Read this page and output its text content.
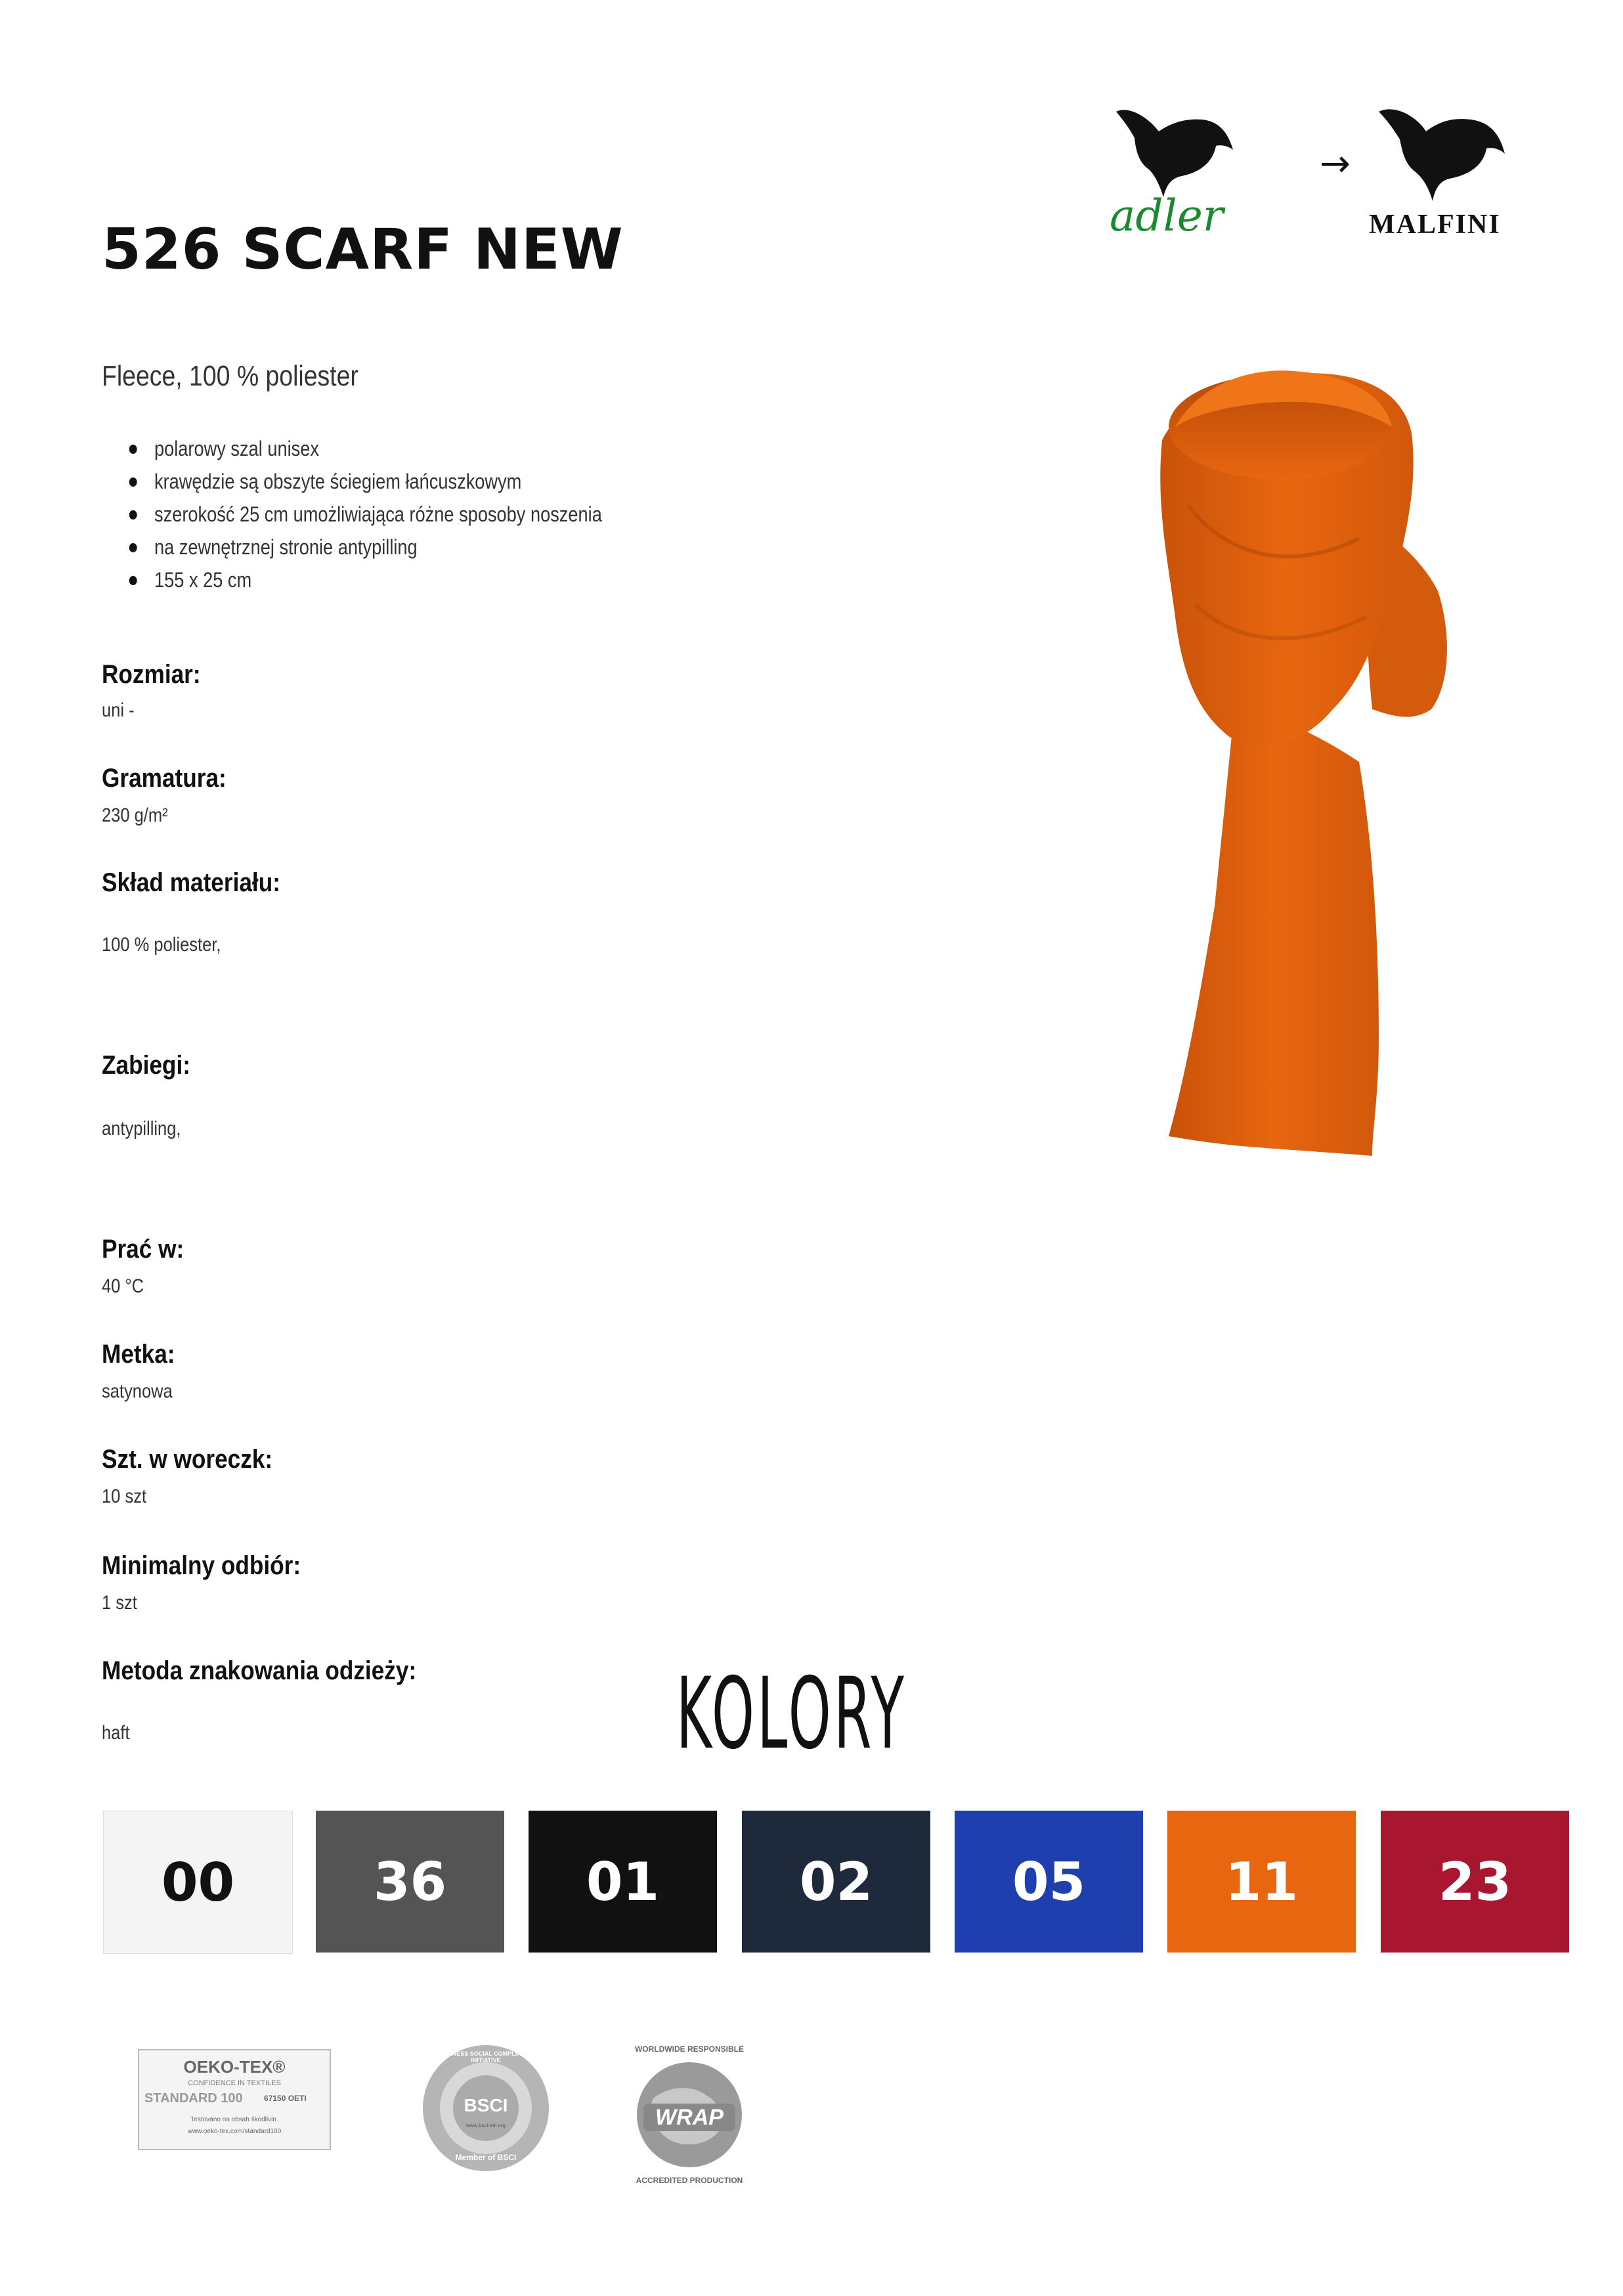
→
adler	MALFINI
526 SCARF NEW
Fleece, 100 % poliester
polarowy szal unisex
krawędzie są obszyte ściegiem łańcuszkowym
szerokość 25 cm umożliwiająca różne sposoby noszenia
na zewnętrznej stronie antypilling
155 x 25 cm
Rozmiar:
uni -
Gramatura:
230 g/m²
Skład materiału:
100 % poliester,
Zabiegi:
antypilling,
Prać w:
40 °C
Metka:
satynowa
Szt. w woreczk:
10 szt
Minimalny odbiór:
1 szt
Metoda znakowania odzieży:
haft	KOLORY
00	36	01	02	05	11	23
OEKO-TEX®
CONFIDENCE IN TEXTILES
STANDARD 100	67150 OETI
Testováno na obsah škodlivin.
www.oeko-tex.com/standard100
BSCI
www.bsci-intl.org
Member of BSCI
BUSINESS SOCIAL COMPLIANCE INITIATIVE
WRAP
WORLDWIDE RESPONSIBLE
ACCREDITED PRODUCTION
